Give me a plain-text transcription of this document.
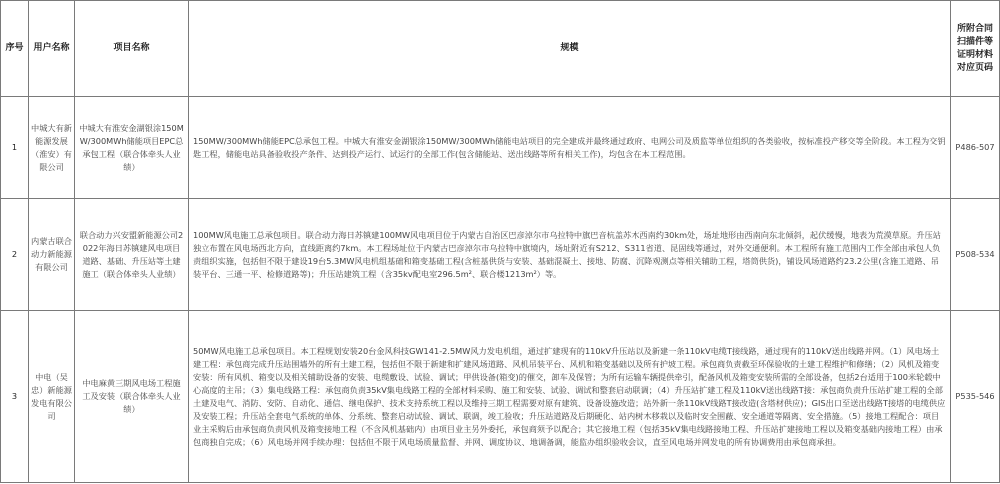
序号	用户名称	项目名称	规模	所附合同扫描件等证明材料对应页码
1	中城大有新能源发展（淮安）有限公司	中城大有淮安金湖银涂150MW/300MWh储能项目EPC总承包工程（联合体牵头人业绩）	150MW/300MWh储能EPC总承包工程。中城大有淮安金湖银涂150MW/300MWh储能电站项目的完全建成并最终通过政府、电网公司及质监等单位组织的各类验收，按标准投产移交等全阶段。本工程为交钥匙工程，储能电站具备验收投产条件、达到投产运行、试运行的全部工作(包含储能站、送出线路等所有相关工作)，均包含在本工程范围。	P486-507
2	内蒙古联合动力新能源有限公司	联合动力兴安盟新能源公司2022年海日苏镇建风电项目道路、基础、升压站等土建施工（联合体牵头人业绩）	100MW风电施工总承包项目。联合动力海日苏镇建100MW风电项目位于内蒙古自治区巴彦淖尔市乌拉特中旗巴音杭盖苏木西南约30km处，场址地形由西南向东北倾斜，起伏缓慢，地表为荒漠草原。升压站独立布置在风电场西北方向，直线距离约7km。本工程场址位于内蒙古巴彦淖尔市乌拉特中旗境内，场址附近有S212、S311省道、昆固线等通过，对外交通便利。本工程所有施工范围内工作全部由承包人负责组织实施，包括但不限于建设19台5.3MW风电机组基础和箱变基础工程(含桩基供货与安装、基础混凝土、接地、防腐、沉降观测点等相关辅助工程，塔筒供货)，铺设风场道路约23.2公里(含施工道路、吊装平台、三通一平、检修道路等)；升压站建筑工程（含35kv配电室296.5m²、联合楼1213m²）等。	P508-534
3	中电（吴忠）新能源发电有限公司	中电麻黄三期风电场工程施工及安装（联合体牵头人业绩）	50MW风电施工总承包项目。本工程规划安装20台金风科技GW141-2.5MW风力发电机组，通过扩建现有的110kV升压站以及新建一条110kV电缆T接线路，通过现有的110kV送出线路并网。（1）风电场土建工程：承包商完成升压站围墙外的所有土建工程，包括但不限于新建和扩建风场道路、风机吊装平台、风机和箱变基础以及所有护坡工程。承包商负责截至环保验收的土建工程维护和修缮；（2）风机及箱变安装：所有风机、箱变以及相关辅助设备的安装、电缆敷设、试验、调试；甲供设备(箱变)的催交，卸车及保管；为所有运输车辆提供牵引，配备风机及箱变安装所需的全部设备，包括2台适用于100米轮毂中心高度的主吊；（3）集电线路工程：承包商负责35kV集电线路工程的全部材料采购、施工和安装、试验、调试和整套启动联调；（4）升压站扩建工程及110kV送出线路T接：承包商负责升压站扩建工程的全部土建及电气、消防、安防、自动化、通信、继电保护、技术支持系统工程以及维持三期工程需要对原有建筑、设备设施改造；站外新一条110kV线路T接改造(含塔材供应)；GIS出口至送出线路T接塔的电缆供应及安装工程；升压站全套电气系统的单体、分系统、整套启动试验、调试、联调，竣工验收；升压站道路及后期硬化、站内树木移栽以及临时安全围蔽、安全通道等隔离、安全措施。（5）接地工程配合：项目业主采购后由承包商负责风机及箱变接地工程（不含风机基础内）由项目业主另外委托，承包商须予以配合；其它接地工程（包括35kV集电线路接地工程、升压站扩建接地工程以及箱变基础内接地工程）由承包商独自完成；（6）风电场并网手续办理：包括但不限于风电场质量监督、并网、调度协议、地调备调，能监办组织验收会议，直至风电场并网发电的所有协调费用由承包商承担。	P535-546
